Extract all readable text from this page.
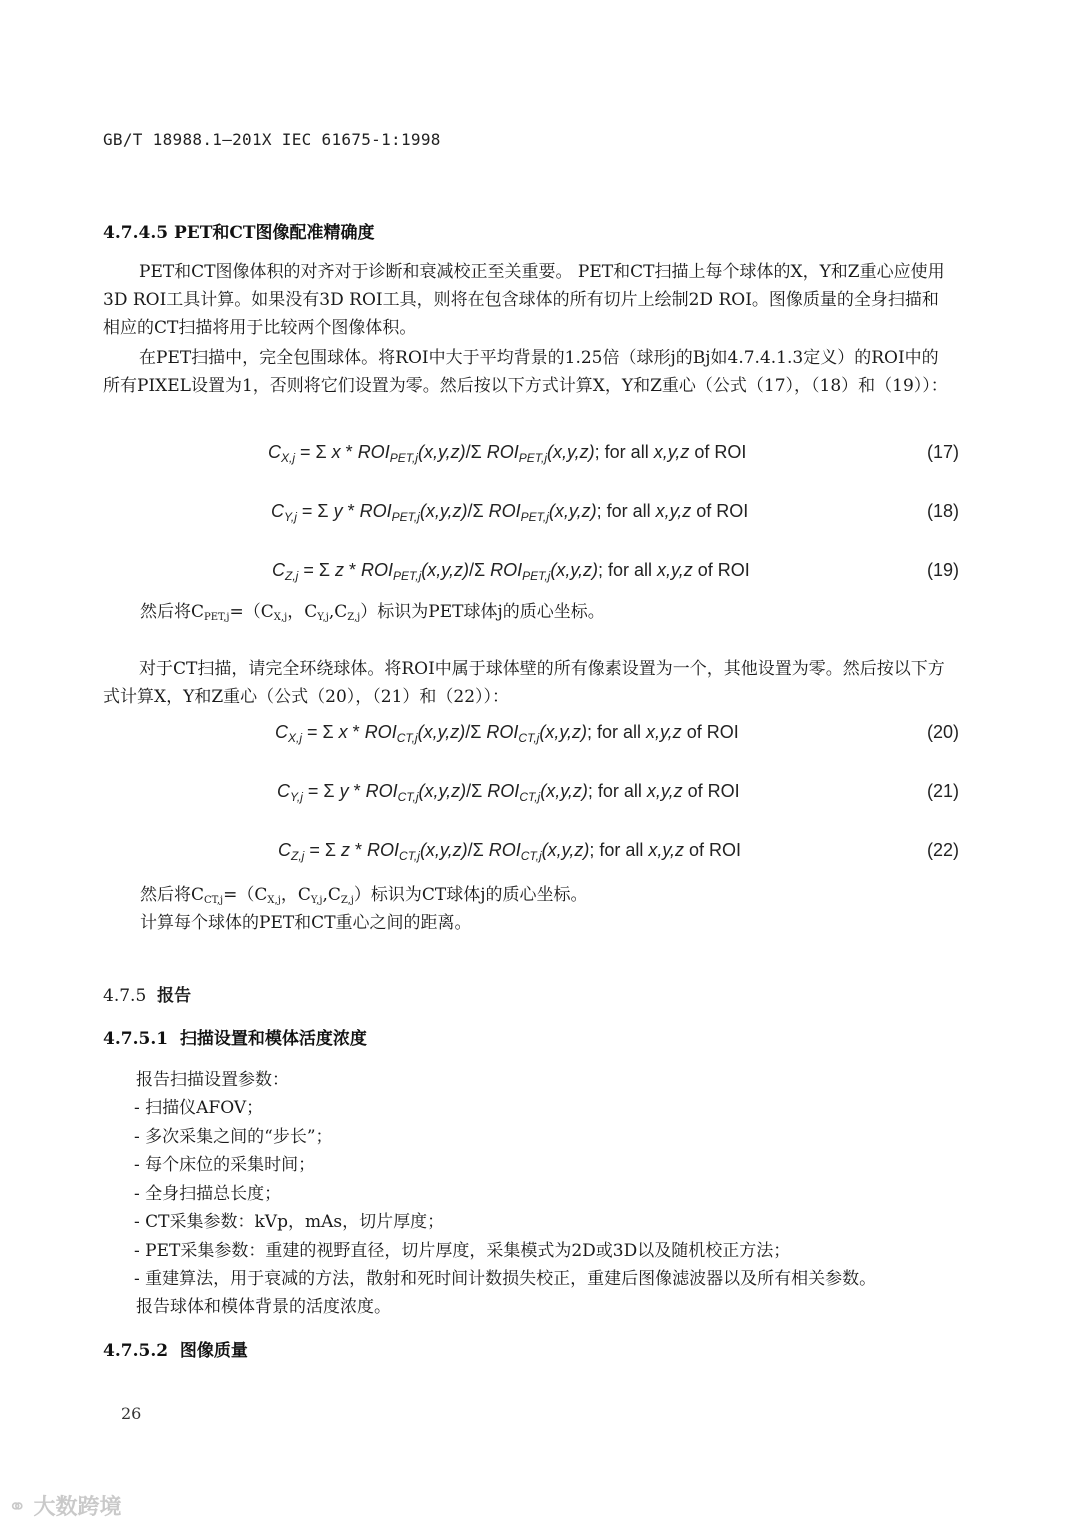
GB/T 18988.1—201X IEC 61675-1:1998
4.7.4.5 PET和CT图像配准精确度
PET和CT图像体积的对齐对于诊断和衰减校正至关重要。 PET和CT扫描上每个球体的X，Y和Z重心应使用3D ROI工具计算。如果没有3D ROI工具，则将在包含球体的所有切片上绘制2D ROI。图像质量的全身扫描和相应的CT扫描将用于比较两个图像体积。
在PET扫描中，完全包围球体。将ROI中大于平均背景的1.25倍（球形j的Bj如4.7.4.1.3定义）的ROI中的所有PIXEL设置为1，否则将它们设置为零。然后按以下方式计算X，Y和Z重心（公式（17），（18）和（19））：
$C_{X,j} = \Sigma$ x * $ROI_{PET,j}(x,y,z)/\Sigma$ $ROI_{PET,j}(x,y,z)$; for all x,y,z of ROI	(17)
$C_{Y,j} = \Sigma$ y * $ROI_{PET,j}(x,y,z)/\Sigma$ $ROI_{PET,j}(x,y,z)$; for all x,y,z of ROI	(18)
$C_{Z,j} = \Sigma$ z * $ROI_{PET,j}(x,y,z)/\Sigma$ $ROI_{PET,j}(x,y,z)$; for all x,y,z of ROI	(19)
然后将CPET,j=（CX,j，CY,j,CZ,j）标识为PET球体j的质心坐标。
对于CT扫描，请完全环绕球体。将ROI中属于球体壁的所有像素设置为一个，其他设置为零。然后按以下方式计算X，Y和Z重心（公式（20），（21）和（22））：
$C_{X,j} = \Sigma$ x * $ROI_{CT,j}(x,y,z)/\Sigma$ $ROI_{CT,j}(x,y,z)$; for all x,y,z of ROI	(20)
$C_{Y,j} = \Sigma$ y * $ROI_{CT,j}(x,y,z)/\Sigma$ $ROI_{CT,j}(x,y,z)$; for all x,y,z of ROI	(21)
$C_{Z,j} = \Sigma$ z * $ROI_{CT,j}(x,y,z)/\Sigma$ $ROI_{CT,j}(x,y,z)$; for all x,y,z of ROI	(22)
然后将CCT,j=（CX,j，CY,j,CZ,j）标识为CT球体j的质心坐标。
计算每个球体的PET和CT重心之间的距离。
4.7.5 报告
4.7.5.1 扫描设置和模体活度浓度
报告扫描设置参数：
- 扫描仪AFOV；
- 多次采集之间的“步长”；
- 每个床位的采集时间；
- 全身扫描总长度；
- CT采集参数：kVp，mAs，切片厚度；
- PET采集参数：重建的视野直径，切片厚度，采集模式为2D或3D以及随机校正方法；
- 重建算法，用于衰减的方法，散射和死时间计数损失校正，重建后图像滤波器以及所有相关参数。
报告球体和模体背景的活度浓度。
4.7.5.2 图像质量
26
⚭ 大数跨境
